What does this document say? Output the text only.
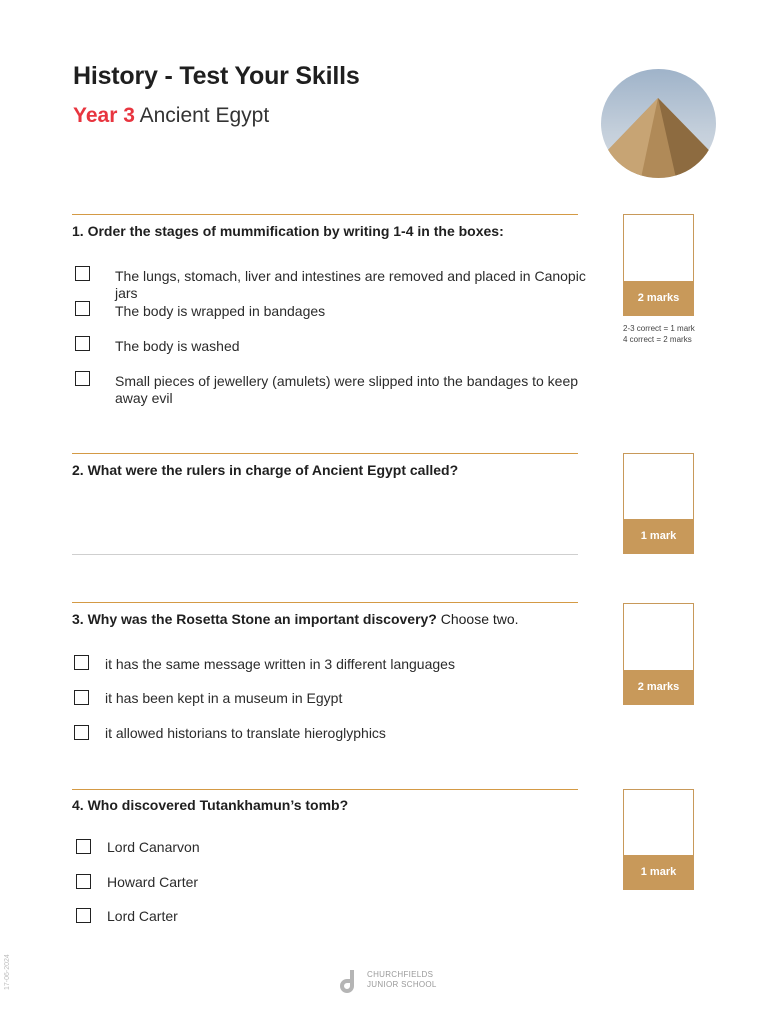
History - Test Your Skills
Year 3 Ancient Egypt
1. Order the stages of mummification by writing 1-4 in the boxes:
The lungs, stomach, liver and intestines are removed and placed in Canopic jars
The body is wrapped in bandages
The body is washed
Small pieces of jewellery (amulets) were slipped into the bandages to keep away evil
2 marks
2-3 correct = 1 mark
4 correct = 2 marks
2. What were the rulers in charge of Ancient Egypt called?
1 mark
3. Why was the Rosetta Stone an important discovery? Choose two.
it has the same message written in 3 different languages
it has been kept in a museum in Egypt
it allowed historians to translate hieroglyphics
2 marks
4. Who discovered Tutankhamun’s tomb?
Lord Canarvon
Howard Carter
Lord Carter
1 mark
CHURCHFIELDS
JUNIOR SCHOOL
17-06-2024
